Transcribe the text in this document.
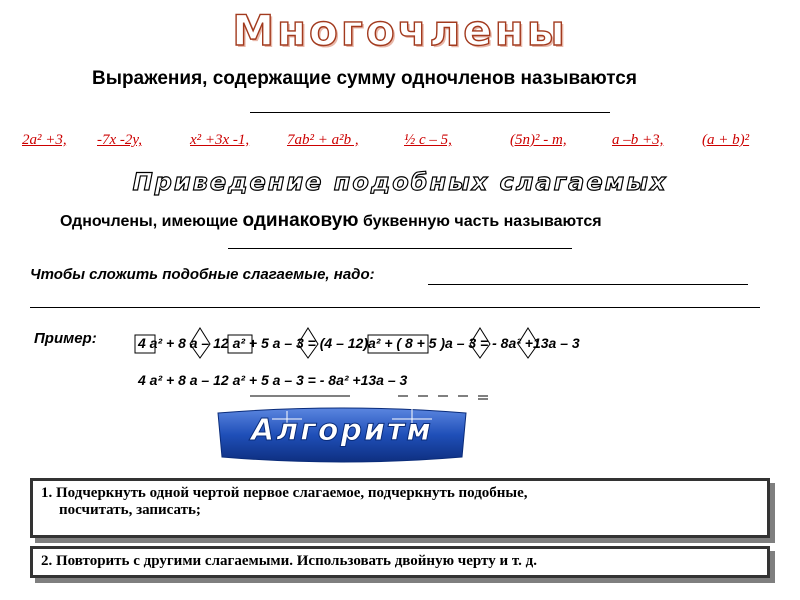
Многочлены
Выражения, содержащие сумму одночленов называются
2a² +3, -7x -2y,	x² +3x -1,	7ab² + a²b ,	½ c – 5,	(5n)² - m,	a –b +3,	(a + b)²
Приведение подобных слагаемых
Одночлены, имеющие одинаковую буквенную часть называются
Чтобы сложить подобные слагаемые, надо:
Пример:	4 a² + 8 a – 12 a² + 5 a – 3 = (4 – 12)a² + ( 8 + 5 )a – 3 = - 8a² +13a – 3
4 a² + 8 a – 12 a² + 5 a – 3 = - 8a² +13a – 3
Алгоритм
1. Подчеркнуть одной чертой первое слагаемое, подчеркнуть подобные,
посчитать, записать;
2. Повторить с другими слагаемыми. Использовать двойную черту и т. д.
